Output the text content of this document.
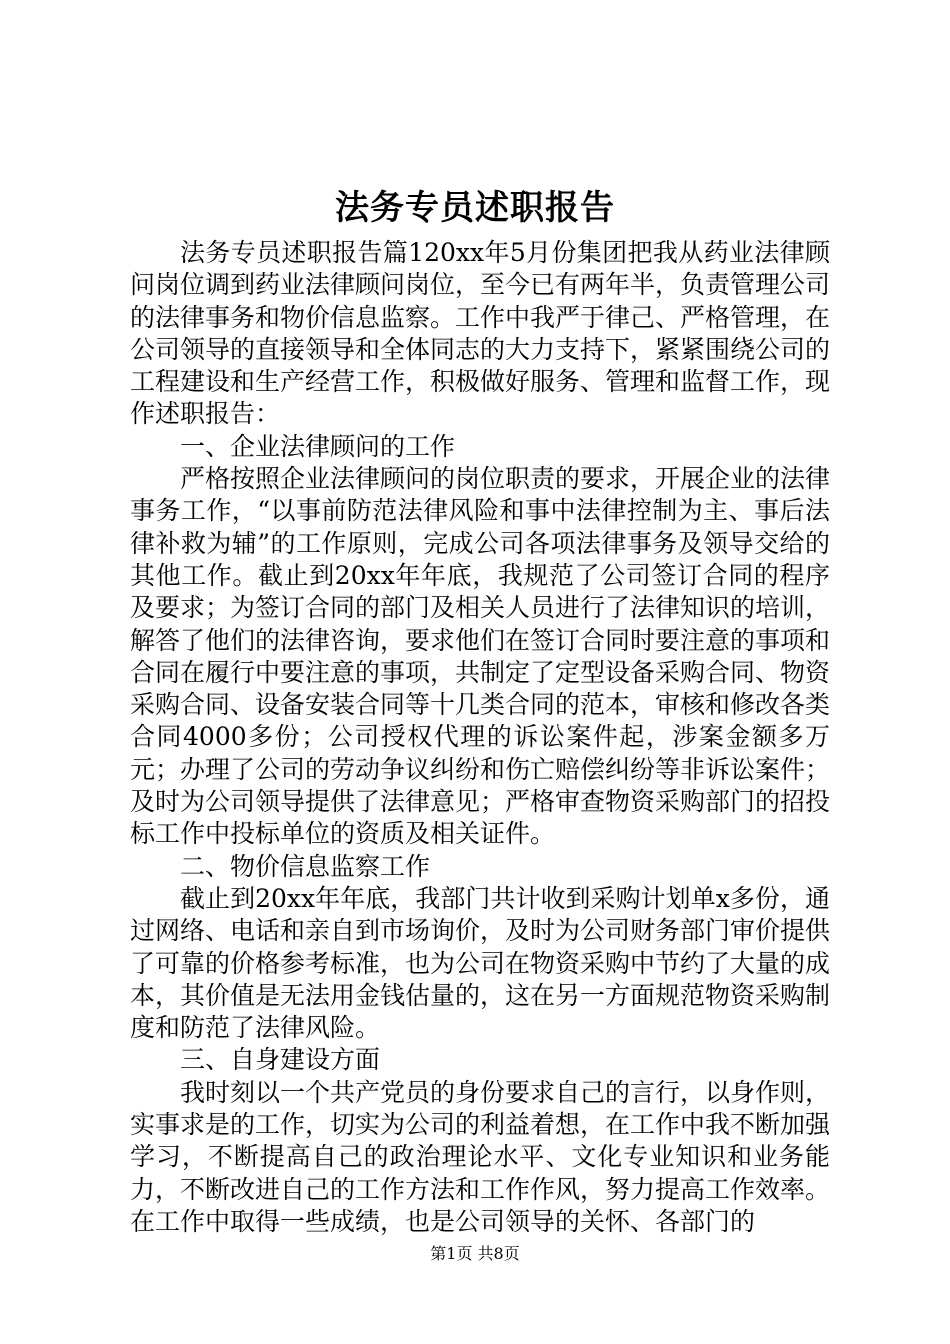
法务专员述职报告

法务专员述职报告篇120xx年5月份集团把我从药业法律顾问岗位调到药业法律顾问岗位，至今已有两年半，负责管理公司的法律事务和物价信息监察。工作中我严于律己、严格管理，在公司领导的直接领导和全体同志的大力支持下，紧紧围绕公司的工程建设和生产经营工作，积极做好服务、管理和监督工作，现作述职报告：

一、企业法律顾问的工作

严格按照企业法律顾问的岗位职责的要求，开展企业的法律事务工作，“以事前防范法律风险和事中法律控制为主、事后法律补救为辅”的工作原则，完成公司各项法律事务及领导交给的其他工作。截止到20xx年年底，我规范了公司签订合同的程序及要求；为签订合同的部门及相关人员进行了法律知识的培训，解答了他们的法律咨询，要求他们在签订合同时要注意的事项和合同在履行中要注意的事项，共制定了定型设备采购合同、物资采购合同、设备安装合同等十几类合同的范本，审核和修改各类合同4000多份；公司授权代理的诉讼案件起，涉案金额多万元；办理了公司的劳动争议纠纷和伤亡赔偿纠纷等非诉讼案件；及时为公司领导提供了法律意见；严格审查物资采购部门的招投标工作中投标单位的资质及相关证件。

二、物价信息监察工作

截止到20xx年年底，我部门共计收到采购计划单x多份，通过网络、电话和亲自到市场询价，及时为公司财务部门审价提供了可靠的价格参考标准，也为公司在物资采购中节约了大量的成本，其价值是无法用金钱估量的，这在另一方面规范物资采购制度和防范了法律风险。

三、自身建设方面

我时刻以一个共产党员的身份要求自己的言行，以身作则，实事求是的工作，切实为公司的利益着想，在工作中我不断加强学习，不断提高自己的政治理论水平、文化专业知识和业务能力，不断改进自己的工作方法和工作作风，努力提高工作效率。在工作中取得一些成绩，也是公司领导的关怀、各部门的

第1页 共8页
